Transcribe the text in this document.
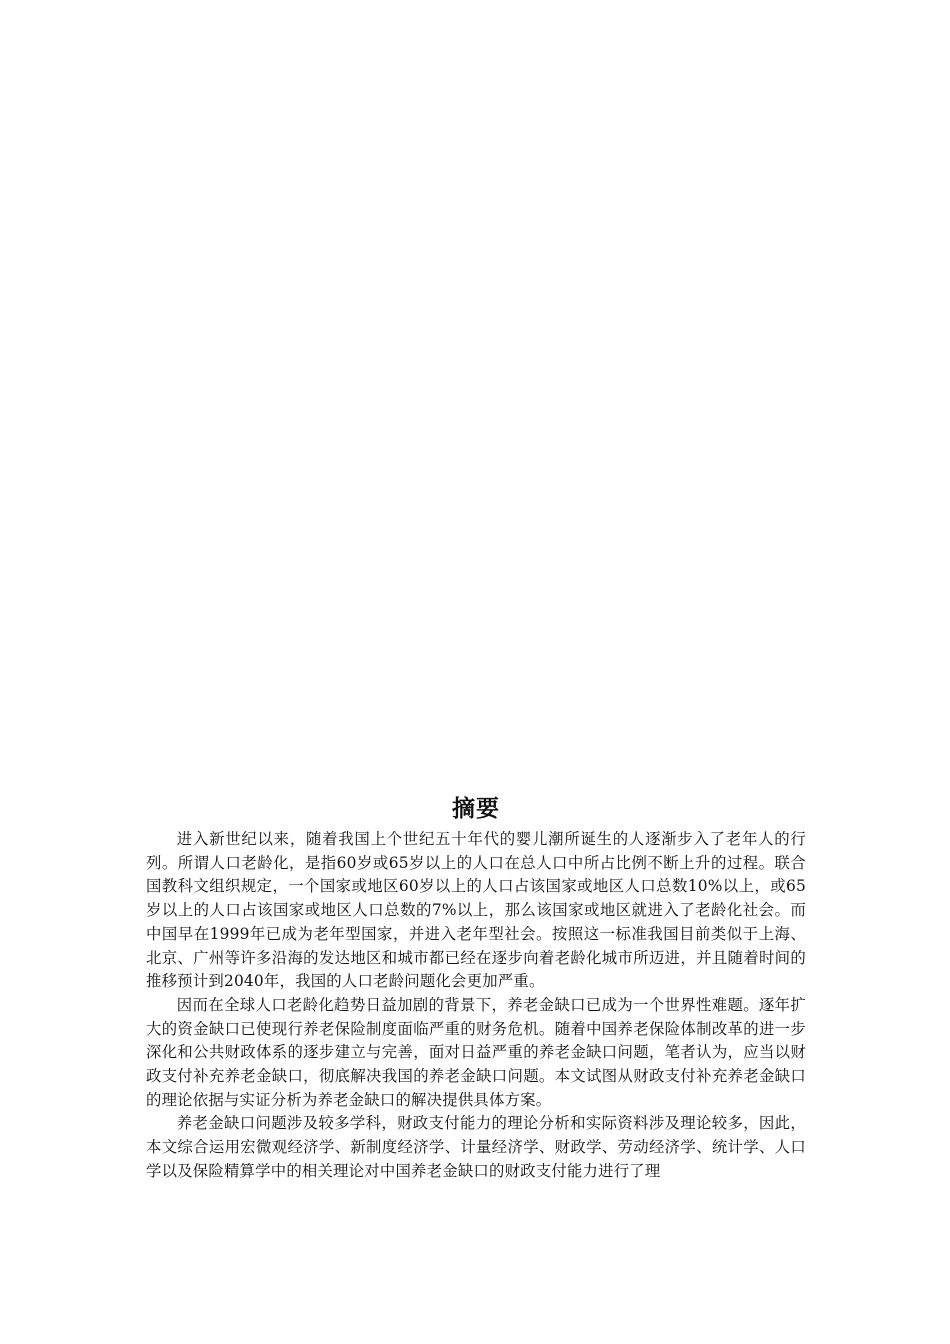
摘要

进入新世纪以来，随着我国上个世纪五十年代的婴儿潮所诞生的人逐渐步入了老年人的行列。所谓人口老龄化，是指60岁或65岁以上的人口在总人口中所占比例不断上升的过程。联合国教科文组织规定，一个国家或地区60岁以上的人口占该国家或地区人口总数10%以上，或65岁以上的人口占该国家或地区人口总数的7%以上，那么该国家或地区就进入了老龄化社会。而中国早在1999年已成为老年型国家，并进入老年型社会。按照这一标准我国目前类似于上海、北京、广州等许多沿海的发达地区和城市都已经在逐步向着老龄化城市所迈进，并且随着时间的推移预计到2040年，我国的人口老龄问题化会更加严重。

因而在全球人口老龄化趋势日益加剧的背景下，养老金缺口已成为一个世界性难题。逐年扩大的资金缺口已使现行养老保险制度面临严重的财务危机。随着中国养老保险体制改革的进一步深化和公共财政体系的逐步建立与完善，面对日益严重的养老金缺口问题，笔者认为，应当以财政支付补充养老金缺口，彻底解决我国的养老金缺口问题。本文试图从财政支付补充养老金缺口的理论依据与实证分析为养老金缺口的解决提供具体方案。

养老金缺口问题涉及较多学科，财政支付能力的理论分析和实际资料涉及理论较多，因此，本文综合运用宏微观经济学、新制度经济学、计量经济学、财政学、劳动经济学、统计学、人口学以及保险精算学中的相关理论对中国养老金缺口的财政支付能力进行了理
